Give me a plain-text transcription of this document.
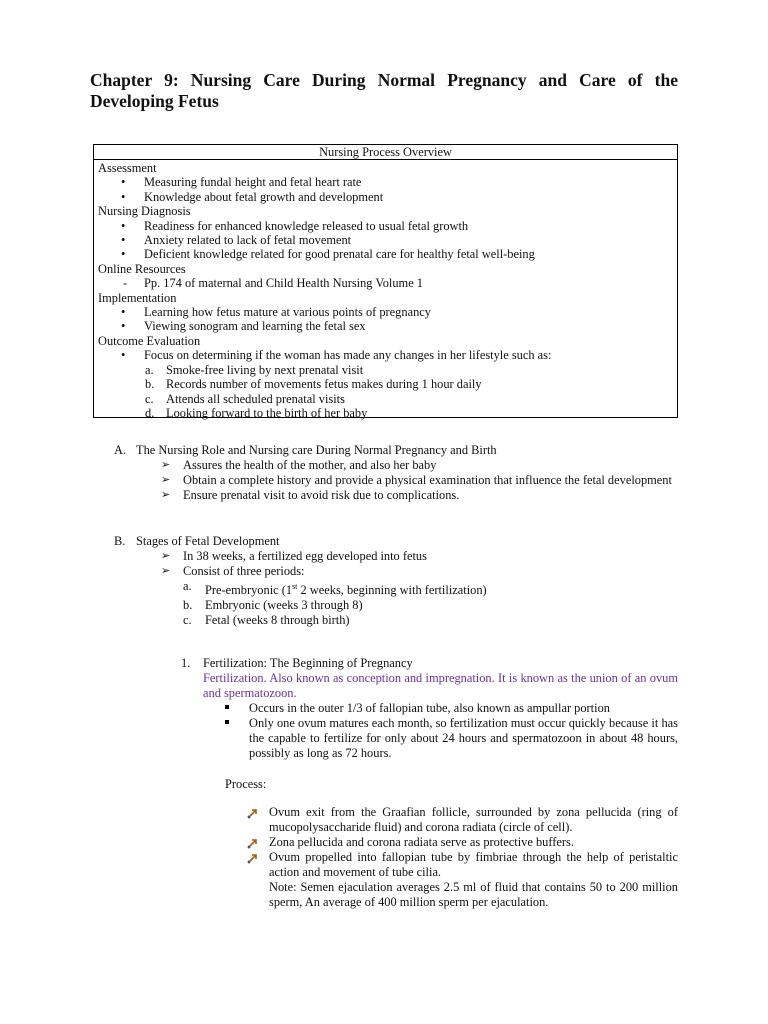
Chapter 9: Nursing Care During Normal Pregnancy and Care of the Developing Fetus
Nursing Process Overview
Assessment
• Measuring fundal height and fetal heart rate
• Knowledge about fetal growth and development
Nursing Diagnosis
• Readiness for enhanced knowledge released to usual fetal growth
• Anxiety related to lack of fetal movement
• Deficient knowledge related for good prenatal care for healthy fetal well-being
Online Resources
- Pp. 174 of maternal and Child Health Nursing Volume 1
Implementation
• Learning how fetus mature at various points of pregnancy
• Viewing sonogram and learning the fetal sex
Outcome Evaluation
• Focus on determining if the woman has made any changes in her lifestyle such as:
a. Smoke-free living by next prenatal visit
b. Records number of movements fetus makes during 1 hour daily
c. Attends all scheduled prenatal visits
d. Looking forward to the birth of her baby
A. The Nursing Role and Nursing care During Normal Pregnancy and Birth
➢ Assures the health of the mother, and also her baby
➢ Obtain a complete history and provide a physical examination that influence the fetal development
➢ Ensure prenatal visit to avoid risk due to complications.
B. Stages of Fetal Development
➢ In 38 weeks, a fertilized egg developed into fetus
➢ Consist of three periods:
a. Pre-embryonic (1st 2 weeks, beginning with fertilization)
b. Embryonic (weeks 3 through 8)
c. Fetal (weeks 8 through birth)
1. Fertilization: The Beginning of Pregnancy
Fertilization. Also known as conception and impregnation. It is known as the union of an ovum and spermatozoon.
Occurs in the outer 1/3 of fallopian tube, also known as ampullar portion
Only one ovum matures each month, so fertilization must occur quickly because it has the capable to fertilize for only about 24 hours and spermatozoon in about 48 hours, possibly as long as 72 hours.
Process:
Ovum exit from the Graafian follicle, surrounded by zona pellucida (ring of mucopolysaccharide fluid) and corona radiata (circle of cell).
Zona pellucida and corona radiata serve as protective buffers.
Ovum propelled into fallopian tube by fimbriae through the help of peristaltic action and movement of tube cilia.
Note: Semen ejaculation averages 2.5 ml of fluid that contains 50 to 200 million sperm, An average of 400 million sperm per ejaculation.
